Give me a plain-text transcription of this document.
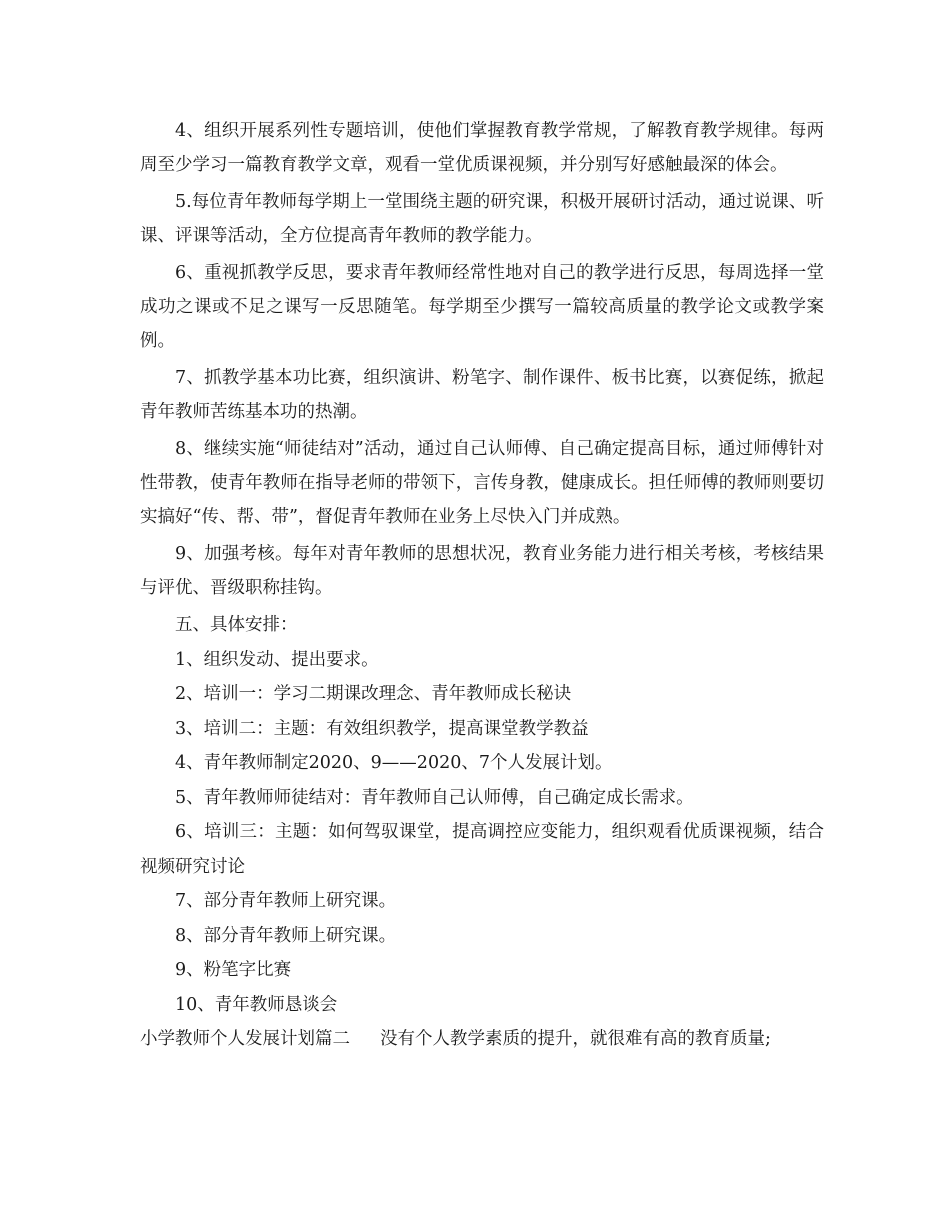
4、组织开展系列性专题培训，使他们掌握教育教学常规，了解教育教学规律。每两周至少学习一篇教育教学文章，观看一堂优质课视频，并分别写好感触最深的体会。

5.每位青年教师每学期上一堂围绕主题的研究课，积极开展研讨活动，通过说课、听课、评课等活动，全方位提高青年教师的教学能力。

6、重视抓教学反思，要求青年教师经常性地对自己的教学进行反思，每周选择一堂成功之课或不足之课写一反思随笔。每学期至少撰写一篇较高质量的教学论文或教学案例。

7、抓教学基本功比赛，组织演讲、粉笔字、制作课件、板书比赛，以赛促练，掀起青年教师苦练基本功的热潮。

8、继续实施“师徒结对”活动，通过自己认师傅、自己确定提高目标，通过师傅针对性带教，使青年教师在指导老师的带领下，言传身教，健康成长。担任师傅的教师则要切实搞好“传、帮、带”，督促青年教师在业务上尽快入门并成熟。

9、加强考核。每年对青年教师的思想状况，教育业务能力进行相关考核，考核结果与评优、晋级职称挂钩。

五、具体安排：

1、组织发动、提出要求。

2、培训一：学习二期课改理念、青年教师成长秘诀

3、培训二：主题：有效组织教学，提高课堂教学教益

4、青年教师制定2020、9——2020、7个人发展计划。

5、青年教师师徒结对：青年教师自己认师傅，自己确定成长需求。

6、培训三：主题：如何驾驭课堂，提高调控应变能力，组织观看优质课视频，结合视频研究讨论

7、部分青年教师上研究课。

8、部分青年教师上研究课。

9、粉笔字比赛

10、青年教师恳谈会

小学教师个人发展计划篇二 没有个人教学素质的提升，就很难有高的教育质量;
